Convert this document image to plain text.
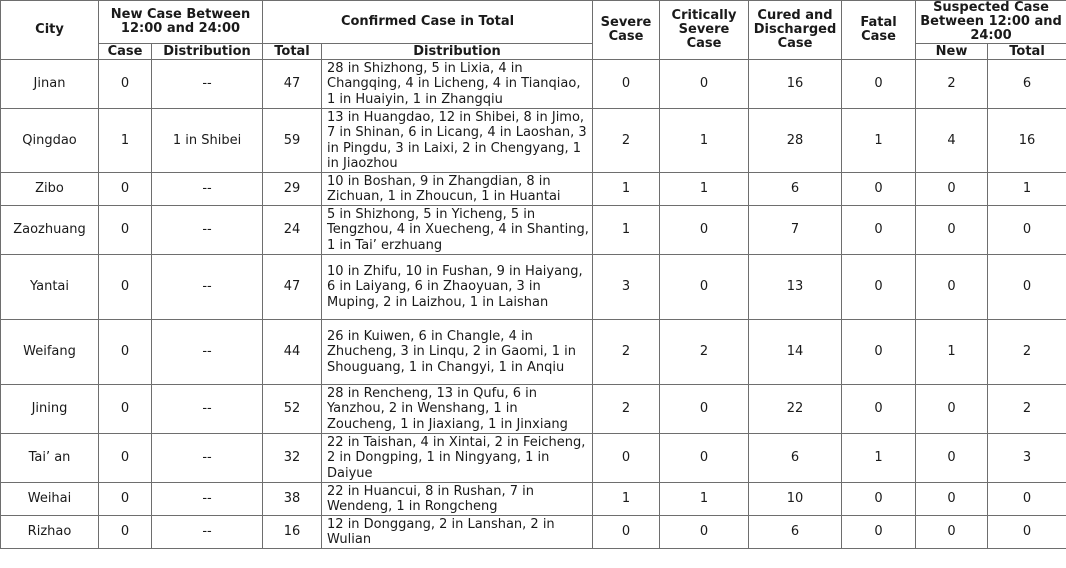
City	New Case Between 12:00 and 24:00		Confirmed Case in Total		Severe Case	Critically Severe Case	Cured and Discharged Case	Fatal Case	Suspected Case Between 12:00 and 24:00	
	Case	Distribution	Total	Distribution					New	Total
Jinan	0	--	47	28 in Shizhong, 5 in Lixia, 4 in Changqing, 4 in Licheng, 4 in Tianqiao, 1 in Huaiyin, 1 in Zhangqiu	0	0	16	0	2	6
Qingdao	1	1 in Shibei	59	13 in Huangdao, 12 in Shibei, 8 in Jimo, 7 in Shinan, 6 in Licang, 4 in Laoshan, 3 in Pingdu, 3 in Laixi, 2 in Chengyang, 1 in Jiaozhou	2	1	28	1	4	16
Zibo	0	--	29	10 in Boshan, 9 in Zhangdian, 8 in Zichuan, 1 in Zhoucun, 1 in Huantai	1	1	6	0	0	1
Zaozhuang	0	--	24	5 in Shizhong, 5 in Yicheng, 5 in Tengzhou, 4 in Xuecheng, 4 in Shanting, 1 in Tai’ erzhuang	1	0	7	0	0	0
Yantai	0	--	47	10 in Zhifu, 10 in Fushan, 9 in Haiyang, 6 in Laiyang, 6 in Zhaoyuan, 3 in Muping, 2 in Laizhou, 1 in Laishan	3	0	13	0	0	0
Weifang	0	--	44	26 in Kuiwen, 6 in Changle, 4 in Zhucheng, 3 in Linqu, 2 in Gaomi, 1 in Shouguang, 1 in Changyi, 1 in Anqiu	2	2	14	0	1	2
Jining	0	--	52	28 in Rencheng, 13 in Qufu, 6 in Yanzhou, 2 in Wenshang, 1 in Zoucheng, 1 in Jiaxiang, 1 in Jinxiang	2	0	22	0	0	2
Tai’ an	0	--	32	22 in Taishan, 4 in Xintai, 2 in Feicheng, 2 in Dongping, 1 in Ningyang, 1 in Daiyue	0	0	6	1	0	3
Weihai	0	--	38	22 in Huancui, 8 in Rushan, 7 in Wendeng, 1 in Rongcheng	1	1	10	0	0	0
Rizhao	0	--	16	12 in Donggang, 2 in Lanshan, 2 in Wulian	0	0	6	0	0	0
